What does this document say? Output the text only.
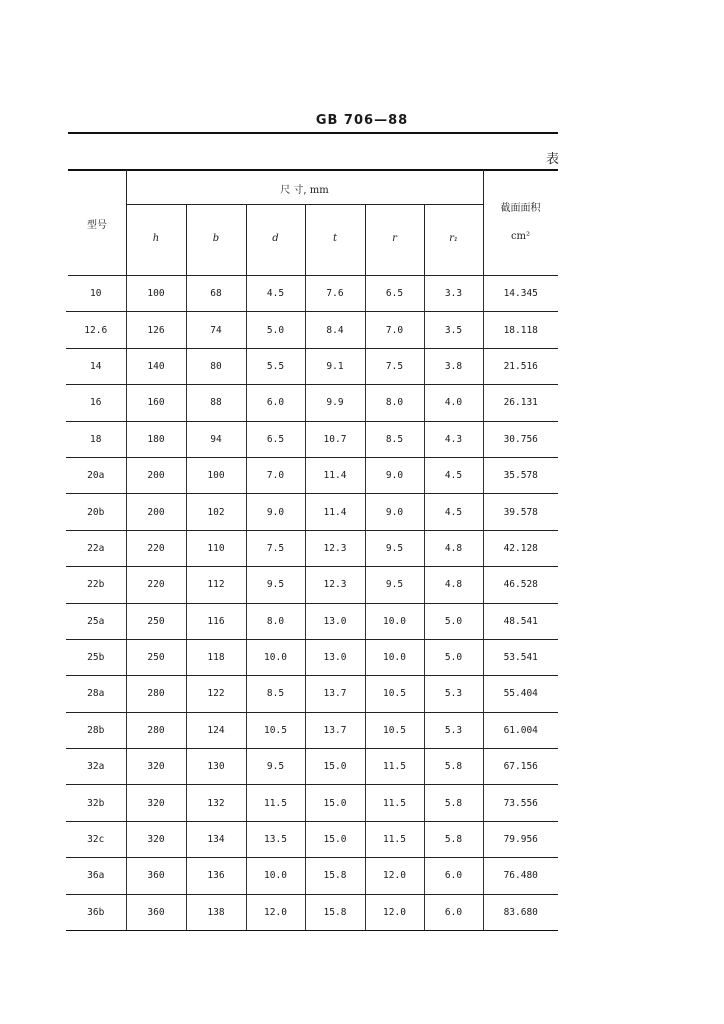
GB 706—88
表
型号
尺 寸, mm
截面面积
cm²
h	b	d	t	r	r₁
10	100	68	4.5	7.6	6.5	3.3	14.345
12.6	126	74	5.0	8.4	7.0	3.5	18.118
14	140	80	5.5	9.1	7.5	3.8	21.516
16	160	88	6.0	9.9	8.0	4.0	26.131
18	180	94	6.5	10.7	8.5	4.3	30.756
20a	200	100	7.0	11.4	9.0	4.5	35.578
20b	200	102	9.0	11.4	9.0	4.5	39.578
22a	220	110	7.5	12.3	9.5	4.8	42.128
22b	220	112	9.5	12.3	9.5	4.8	46.528
25a	250	116	8.0	13.0	10.0	5.0	48.541
25b	250	118	10.0	13.0	10.0	5.0	53.541
28a	280	122	8.5	13.7	10.5	5.3	55.404
28b	280	124	10.5	13.7	10.5	5.3	61.004
32a	320	130	9.5	15.0	11.5	5.8	67.156
32b	320	132	11.5	15.0	11.5	5.8	73.556
32c	320	134	13.5	15.0	11.5	5.8	79.956
36a	360	136	10.0	15.8	12.0	6.0	76.480
36b	360	138	12.0	15.8	12.0	6.0	83.680
